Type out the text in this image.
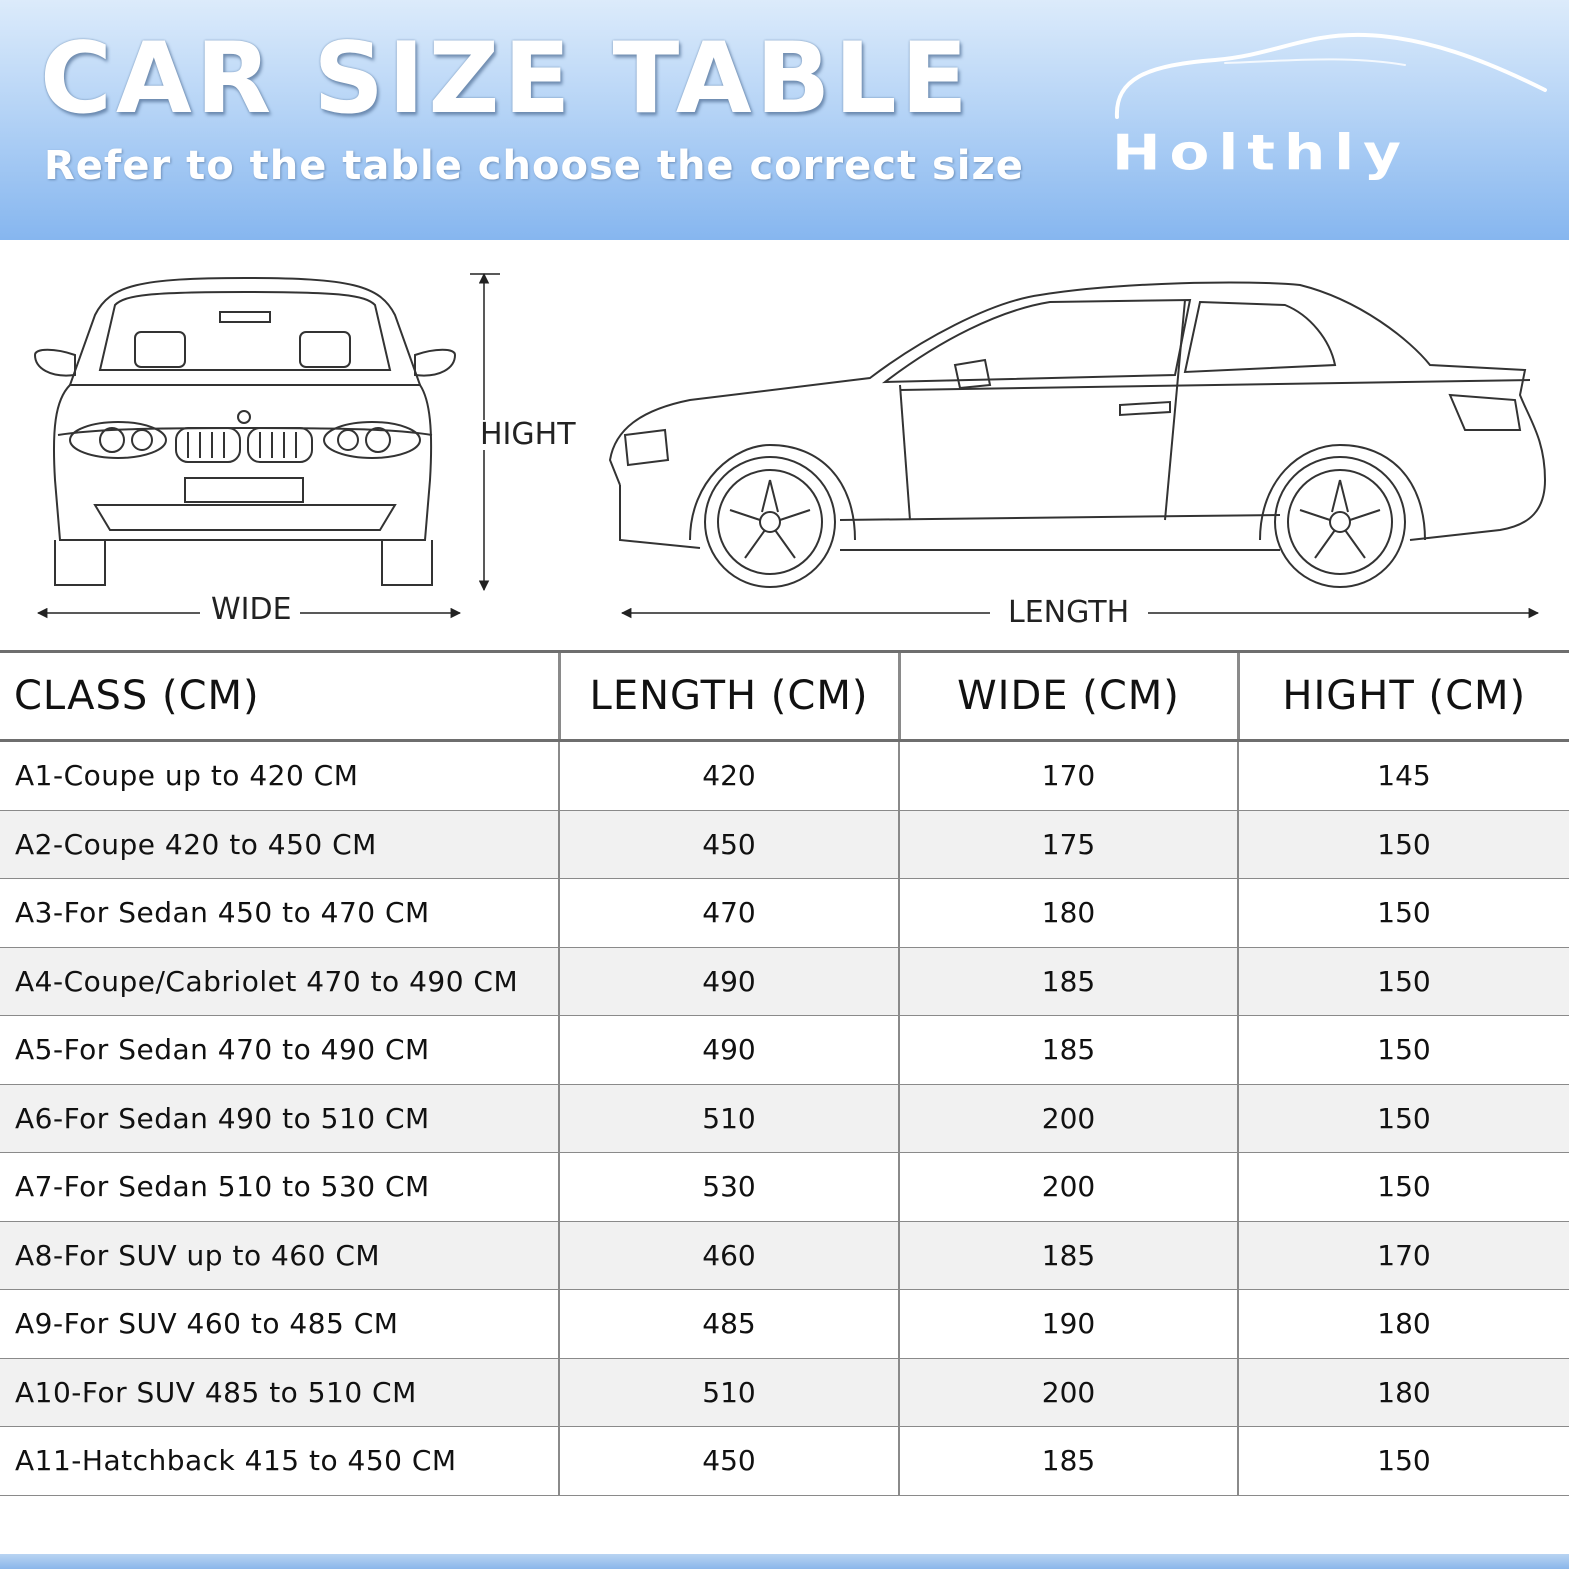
CAR SIZE TABLE
Refer to the table choose the correct size Holthly
WIDE
HIGHT
LENGTH
CLASS (CM)	LENGTH (CM)	WIDE (CM)	HIGHT (CM)
A1-Coupe up to 420 CM	420	170	145
A2-Coupe 420 to 450 CM	450	175	150
A3-For Sedan 450 to 470 CM	470	180	150
A4-Coupe/Cabriolet 470 to 490 CM	490	185	150
A5-For Sedan 470 to 490 CM	490	185	150
A6-For Sedan 490 to 510 CM	510	200	150
A7-For Sedan 510 to 530 CM	530	200	150
A8-For SUV up to 460 CM	460	185	170
A9-For SUV 460 to 485 CM	485	190	180
A10-For SUV 485 to 510 CM	510	200	180
A11-Hatchback 415 to 450 CM	450	185	150
